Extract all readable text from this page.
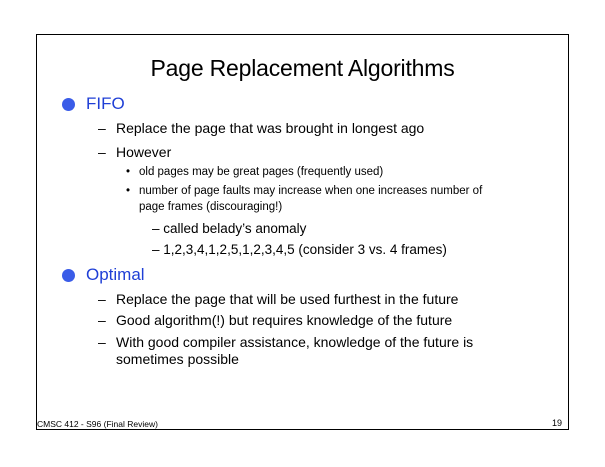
Page Replacement Algorithms
FIFO
– Replace the page that was brought in longest ago
– However
• old pages may be great pages (frequently used)
• number of page faults may increase when one increases number of page frames (discouraging!)
– called belady’s anomaly
– 1,2,3,4,1,2,5,1,2,3,4,5 (consider 3 vs. 4 frames)
Optimal
– Replace the page that will be used furthest in the future
– Good algorithm(!) but requires knowledge of the future
– With good compiler assistance, knowledge of the future is sometimes possible
CMSC 412 - S96 (Final Review)	19
